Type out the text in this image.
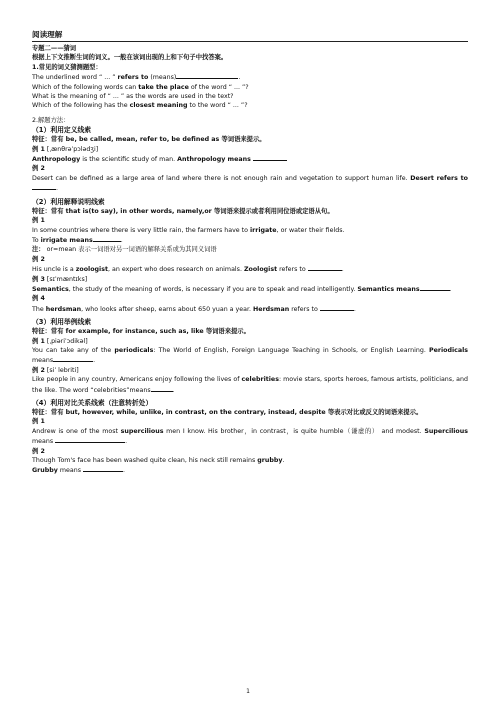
阅读理解
专题二——猜词
根据上下文推断生词的词义。一般在该词出现的上和下句子中找答案。
1.常见的词义猜测题型：
The underlined word “ ... ” refers to (means)	.
Which of the following words can take the place of the word “ ... ”?
What is the meaning of “ ... ” as the words are used in the text?
Which of the following has the closest meaning to the word “ ... ”?
2.解题方法：
（1）利用定义线索
特征：常有 be, be called, mean, refer to, be defined as 等词语来提示。
例 1 [ˌænθrəˈpɔlədʒi]
Anthropology is the scientific study of man. Anthropology means
例 2
Desert can be defined as a large area of land where there is not enough rain and vegetation to support human life. Desert refers to.
（2）利用解释说明线索
特征：常有 that is(to say), in other words, namely,or 等词语来提示或者利用同位语或定语从句。
例 1
In some countries where there is very little rain, the farmers have to irrigate, or water their fields.
To irrigate means	.
注： or=mean 表示一词语对另一词语的解释关系或为其同义词语
例 2
His uncle is a zoologist, an expert who does research on animals. Zoologist refers to	.
例 3 [sɪˈmæntɪks]
Semantics, the study of the meaning of words, is necessary if you are to speak and read intelligently. Semantics means	.
例 4
The herdsman, who looks after sheep, earns about 650 yuan a year. Herdsman refers to	.
（3）利用举例线索
特征：常有 for example, for instance, such as, like 等词语来提示。
例 1 [ˌpiəriˈɔdikəl]
You can take any of the periodicals: The World of English, Foreign Language Teaching in Schools, or English Learning. Periodicals means	.
例 2 [siˈ lebriti]
Like people in any country, Americans enjoy following the lives of celebrities: movie stars, sports heroes, famous artists, politicians, and the like. The word “celebrities”means	.
（4）利用对比关系线索（注意转折处）
特征：常有 but, however, while, unlike, in contrast, on the contrary, instead, despite 等表示对比或反义的词语来提示。
例 1
Andrew is one of the most supercilious men I know. His brother，in contrast，is quite humble（谦虚的） and modest. Supercilious means	.
例 2
Though Tom's face has been washed quite clean, his neck still remains grubby.
Grubby means	.
1
